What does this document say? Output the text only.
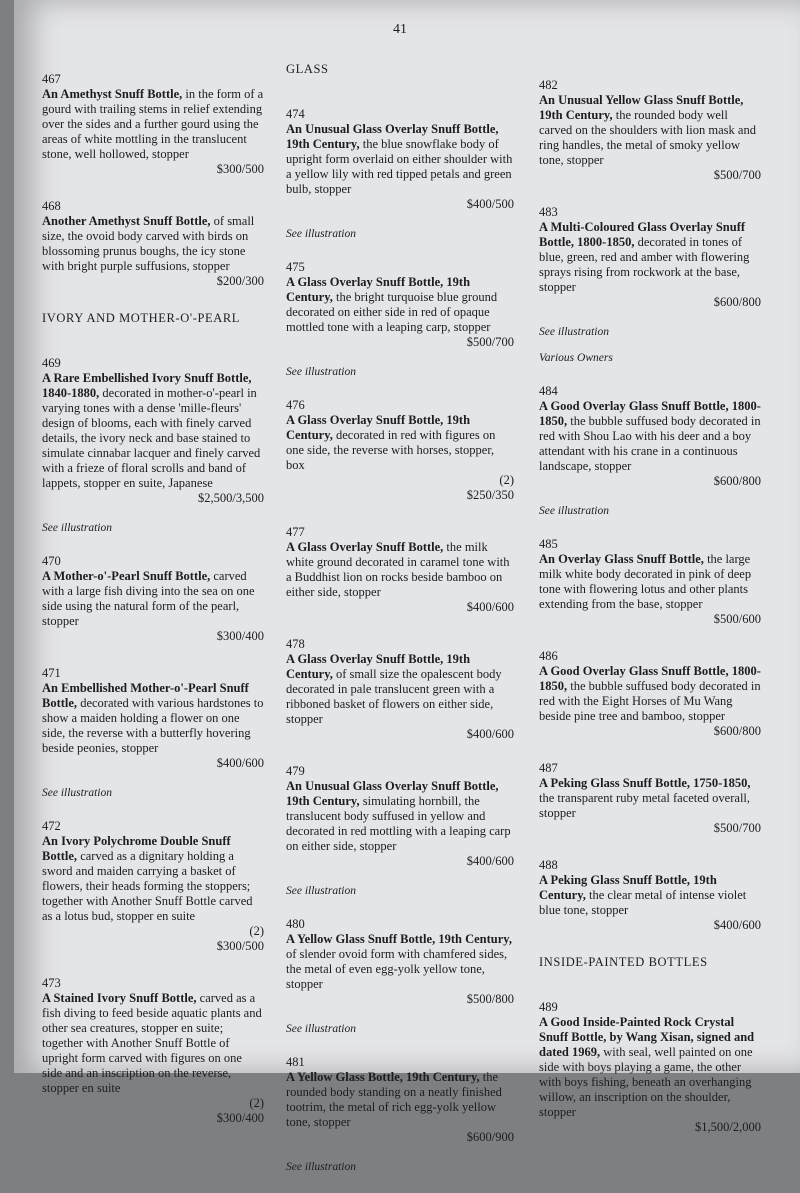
41
467
An Amethyst Snuff Bottle, in the form of a gourd with trailing stems in relief extending over the sides and a further gourd using the areas of white mottling in the translucent stone, well hollowed, stopper
$300/500
468
Another Amethyst Snuff Bottle, of small size, the ovoid body carved with birds on blossoming prunus boughs, the icy stone with bright purple suffusions, stopper
$200/300
IVORY AND MOTHER-O'-PEARL
469
A Rare Embellished Ivory Snuff Bottle, 1840-1880, decorated in mother-o'-pearl in varying tones with a dense 'mille-fleurs' design of blooms, each with finely carved details, the ivory neck and base stained to simulate cinnabar lacquer and finely carved with a frieze of floral scrolls and band of lappets, stopper en suite, Japanese
$2,500/3,500
See illustration
470
A Mother-o'-Pearl Snuff Bottle, carved with a large fish diving into the sea on one side using the natural form of the pearl, stopper
$300/400
471
An Embellished Mother-o'-Pearl Snuff Bottle, decorated with various hardstones to show a maiden holding a flower on one side, the reverse with a butterfly hovering beside peonies, stopper
$400/600
See illustration
472
An Ivory Polychrome Double Snuff Bottle, carved as a dignitary holding a sword and maiden carrying a basket of flowers, their heads forming the stoppers; together with Another Snuff Bottle carved as a lotus bud, stopper en suite
(2)
$300/500
473
A Stained Ivory Snuff Bottle, carved as a fish diving to feed beside aquatic plants and other sea creatures, stopper en suite; together with Another Snuff Bottle of upright form carved with figures on one side and an inscription on the reverse, stopper en suite
(2)
$300/400
GLASS
474
An Unusual Glass Overlay Snuff Bottle, 19th Century, the blue snowflake body of upright form overlaid on either shoulder with a yellow lily with red tipped petals and green bulb, stopper
$400/500
See illustration
475
A Glass Overlay Snuff Bottle, 19th Century, the bright turquoise blue ground decorated on either side in red of opaque mottled tone with a leaping carp, stopper
$500/700
See illustration
476
A Glass Overlay Snuff Bottle, 19th Century, decorated in red with figures on one side, the reverse with horses, stopper, box
(2)
$250/350
477
A Glass Overlay Snuff Bottle, the milk white ground decorated in caramel tone with a Buddhist lion on rocks beside bamboo on either side, stopper
$400/600
478
A Glass Overlay Snuff Bottle, 19th Century, of small size the opalescent body decorated in pale translucent green with a ribboned basket of flowers on either side, stopper
$400/600
479
An Unusual Glass Overlay Snuff Bottle, 19th Century, simulating hornbill, the translucent body suffused in yellow and decorated in red mottling with a leaping carp on either side, stopper
$400/600
See illustration
480
A Yellow Glass Snuff Bottle, 19th Century, of slender ovoid form with chamfered sides, the metal of even egg-yolk yellow tone, stopper
$500/800
See illustration
481
A Yellow Glass Bottle, 19th Century, the rounded body standing on a neatly finished tootrim, the metal of rich egg-yolk yellow tone, stopper
$600/900
See illustration
482
An Unusual Yellow Glass Snuff Bottle, 19th Century, the rounded body well carved on the shoulders with lion mask and ring handles, the metal of smoky yellow tone, stopper
$500/700
483
A Multi-Coloured Glass Overlay Snuff Bottle, 1800-1850, decorated in tones of blue, green, red and amber with flowering sprays rising from rockwork at the base, stopper
$600/800
See illustration
Various Owners
484
A Good Overlay Glass Snuff Bottle, 1800-1850, the bubble suffused body decorated in red with Shou Lao with his deer and a boy attendant with his crane in a continuous landscape, stopper
$600/800
See illustration
485
An Overlay Glass Snuff Bottle, the large milk white body decorated in pink of deep tone with flowering lotus and other plants extending from the base, stopper
$500/600
486
A Good Overlay Glass Snuff Bottle, 1800-1850, the bubble suffused body decorated in red with the Eight Horses of Mu Wang beside pine tree and bamboo, stopper
$600/800
487
A Peking Glass Snuff Bottle, 1750-1850, the transparent ruby metal faceted overall, stopper
$500/700
488
A Peking Glass Snuff Bottle, 19th Century, the clear metal of intense violet blue tone, stopper
$400/600
INSIDE-PAINTED BOTTLES
489
A Good Inside-Painted Rock Crystal Snuff Bottle, by Wang Xisan, signed and dated 1969, with seal, well painted on one side with boys playing a game, the other with boys fishing, beneath an overhanging willow, an inscription on the shoulder, stopper
$1,500/2,000
